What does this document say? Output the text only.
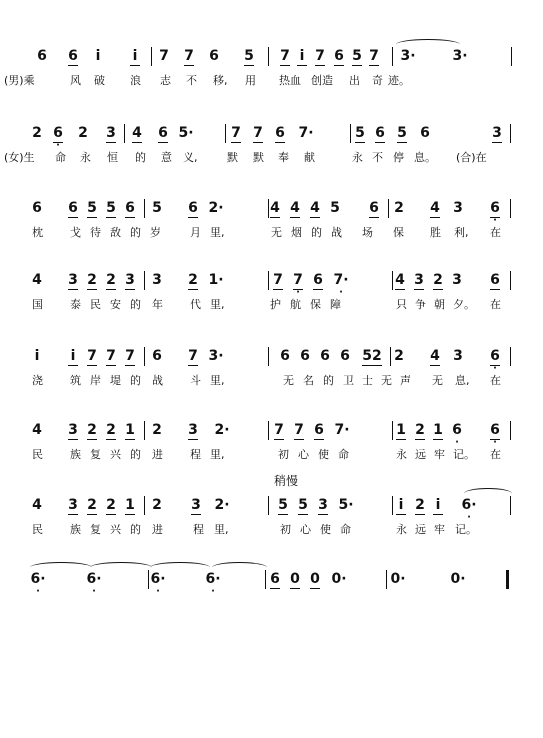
6 6 i i 7 7 6 5 7 i 7 6 5 7 3·	3·
(男)乘	风 破 浪 志 不 移, 用 热血 创造 出 奇 迹。
2 6
·
2 3 4 6 5·	7 7 6 7·	5 6 5 6	3
(女)生 命 永 恒 的 意 义,	默 默 奉 献	永 不 停 息。 (合)在
6 6 5 5 6 5 6 2·	4 4 4 5 6 2 4 3 6
·
枕 戈 待 敌 的 岁	月 里,	无 烟 的 战 场 保 胜 利, 在
4 3 2 2 3 3 2 1·	7 7
·
6 7·
·
4 3 2 3 6
国 泰 民 安 的 年 代 里,	护 航 保 障	只 争 朝 夕。 在
i i 7 7 7 6 7 3·	6 6 6 6 52 2 4 3 6
·
浇 筑 岸 堤 的 战 斗 里,	无 名 的 卫 士 无 声 无 息, 在
4 3 2 2 1 2 3 2·	7 7 6 7·	1 2 1 6
·
6
·
民 族 复 兴 的 进 程 里,	初 心 使 命	永 远 牢 记。 在
4 3 2 2 1 2 3 2·	5 5 3 5·	i 2 i 6·
·
民 族 复 兴 的 进	程 里,	初 心 使 命	永 远 牢 记。
6·
·
6·
·
6·
·
6·
·
6 0 0 0·	0·	0·
稍慢
